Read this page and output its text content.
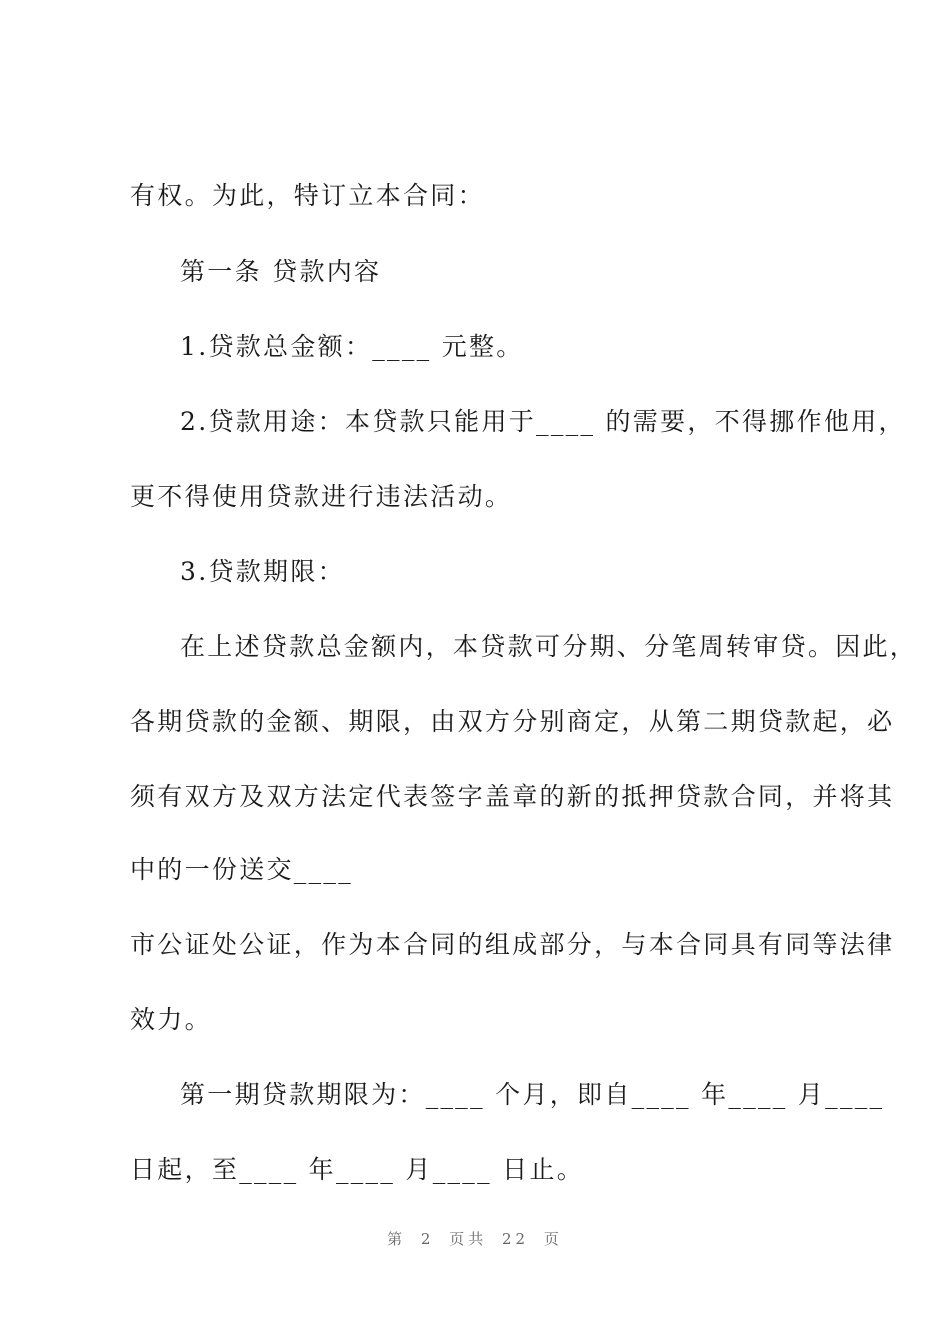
有权。为此，特订立本合同：
第一条 贷款内容
1.贷款总金额：____ 元整。
2.贷款用途：本贷款只能用于____ 的需要，不得挪作他用，
更不得使用贷款进行违法活动。
3.贷款期限：
在上述贷款总金额内，本贷款可分期、分笔周转审贷。因此，
各期贷款的金额、期限，由双方分别商定，从第二期贷款起，必
须有双方及双方法定代表签字盖章的新的抵押贷款合同，并将其
中的一份送交____
市公证处公证，作为本合同的组成部分，与本合同具有同等法律
效力。
第一期贷款期限为：____ 个月，即自____ 年____ 月____
日起，至____ 年____ 月____ 日止。
第 2 页共 22 页
